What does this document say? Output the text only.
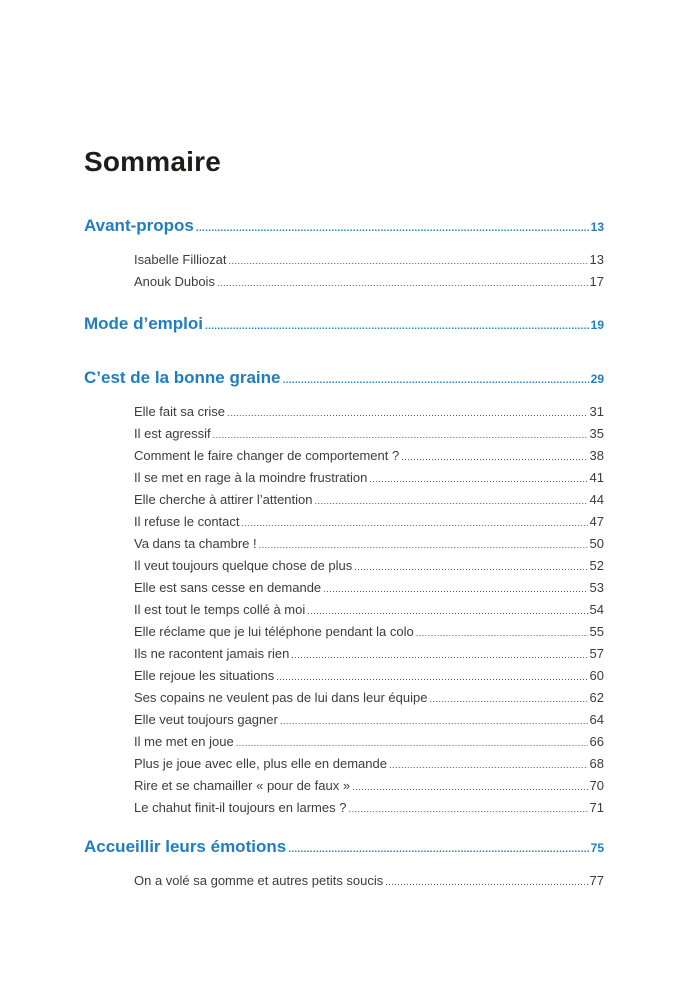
Sommaire
Avant-propos .....	13
Isabelle Filliozat .....	13
Anouk Dubois .....	17
Mode d’emploi .....	19
C’est de la bonne graine .....	29
Elle fait sa crise .....	31
Il est agressif .....	35
Comment le faire changer de comportement ? .....	38
Il se met en rage à la moindre frustration .....	41
Elle cherche à attirer l’attention .....	44
Il refuse le contact .....	47
Va dans ta chambre ! .....	50
Il veut toujours quelque chose de plus .....	52
Elle est sans cesse en demande .....	53
Il est tout le temps collé à moi .....	54
Elle réclame que je lui téléphone pendant la colo .....	55
Ils ne racontent jamais rien .....	57
Elle rejoue les situations .....	60
Ses copains ne veulent pas de lui dans leur équipe .....	62
Elle veut toujours gagner .....	64
Il me met en joue .....	66
Plus je joue avec elle, plus elle en demande .....	68
Rire et se chamailler « pour de faux » .....	70
Le chahut finit-il toujours en larmes ? .....	71
Accueillir leurs émotions .....	75
On a volé sa gomme et autres petits soucis .....	77
